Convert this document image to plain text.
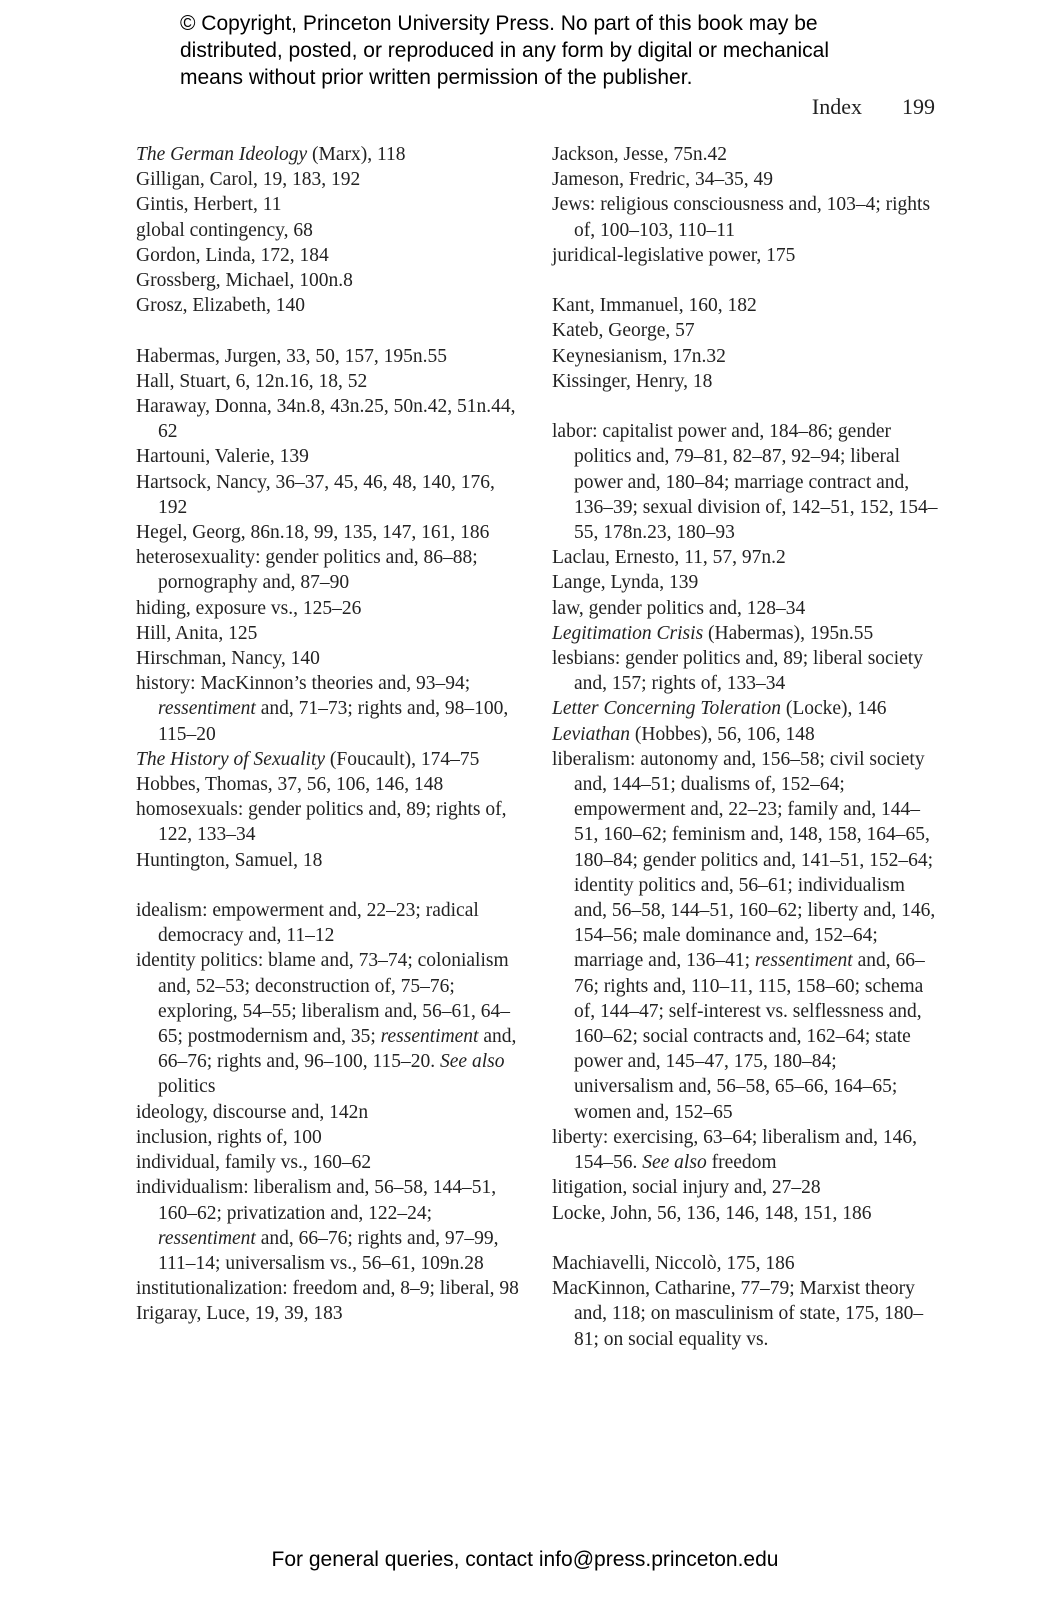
© Copyright, Princeton University Press. No part of this book may be
distributed, posted, or reproduced in any form by digital or mechanical
means without prior written permission of the publisher.
Index 199
The German Ideology (Marx), 118
Gilligan, Carol, 19, 183, 192
Gintis, Herbert, 11
global contingency, 68
Gordon, Linda, 172, 184
Grossberg, Michael, 100n.8
Grosz, Elizabeth, 140
Habermas, Jurgen, 33, 50, 157, 195n.55
Hall, Stuart, 6, 12n.16, 18, 52
Haraway, Donna, 34n.8, 43n.25, 50n.42, 51n.44, 62
Hartouni, Valerie, 139
Hartsock, Nancy, 36–37, 45, 46, 48, 140, 176, 192
Hegel, Georg, 86n.18, 99, 135, 147, 161, 186
heterosexuality: gender politics and, 86–88; pornography and, 87–90
hiding, exposure vs., 125–26
Hill, Anita, 125
Hirschman, Nancy, 140
history: MacKinnon’s theories and, 93–94; ressentiment and, 71–73; rights and, 98–100, 115–20
The History of Sexuality (Foucault), 174–75
Hobbes, Thomas, 37, 56, 106, 146, 148
homosexuals: gender politics and, 89; rights of, 122, 133–34
Huntington, Samuel, 18
idealism: empowerment and, 22–23; radical democracy and, 11–12
identity politics: blame and, 73–74; colonialism and, 52–53; deconstruction of, 75–76; exploring, 54–55; liberalism and, 56–61, 64–65; postmodernism and, 35; ressentiment and, 66–76; rights and, 96–100, 115–20. See also politics
ideology, discourse and, 142n
inclusion, rights of, 100
individual, family vs., 160–62
individualism: liberalism and, 56–58, 144–51, 160–62; privatization and, 122–24; ressentiment and, 66–76; rights and, 97–99, 111–14; universalism vs., 56–61, 109n.28
institutionalization: freedom and, 8–9; liberal, 98
Irigaray, Luce, 19, 39, 183
Jackson, Jesse, 75n.42
Jameson, Fredric, 34–35, 49
Jews: religious consciousness and, 103–4; rights of, 100–103, 110–11
juridical-legislative power, 175
Kant, Immanuel, 160, 182
Kateb, George, 57
Keynesianism, 17n.32
Kissinger, Henry, 18
labor: capitalist power and, 184–86; gender politics and, 79–81, 82–87, 92–94; liberal power and, 180–84; marriage contract and, 136–39; sexual division of, 142–51, 152, 154–55, 178n.23, 180–93
Laclau, Ernesto, 11, 57, 97n.2
Lange, Lynda, 139
law, gender politics and, 128–34
Legitimation Crisis (Habermas), 195n.55
lesbians: gender politics and, 89; liberal society and, 157; rights of, 133–34
Letter Concerning Toleration (Locke), 146
Leviathan (Hobbes), 56, 106, 148
liberalism: autonomy and, 156–58; civil society and, 144–51; dualisms of, 152–64; empowerment and, 22–23; family and, 144–51, 160–62; feminism and, 148, 158, 164–65, 180–84; gender politics and, 141–51, 152–64; identity politics and, 56–61; individualism and, 56–58, 144–51, 160–62; liberty and, 146, 154–56; male dominance and, 152–64; marriage and, 136–41; ressentiment and, 66–76; rights and, 110–11, 115, 158–60; schema of, 144–47; self-interest vs. selflessness and, 160–62; social contracts and, 162–64; state power and, 145–47, 175, 180–84; universalism and, 56–58, 65–66, 164–65; women and, 152–65
liberty: exercising, 63–64; liberalism and, 146, 154–56. See also freedom
litigation, social injury and, 27–28
Locke, John, 56, 136, 146, 148, 151, 186
Machiavelli, Niccolò, 175, 186
MacKinnon, Catharine, 77–79; Marxist theory and, 118; on masculinism of state, 175, 180–81; on social equality vs.
For general queries, contact info@press.princeton.edu
